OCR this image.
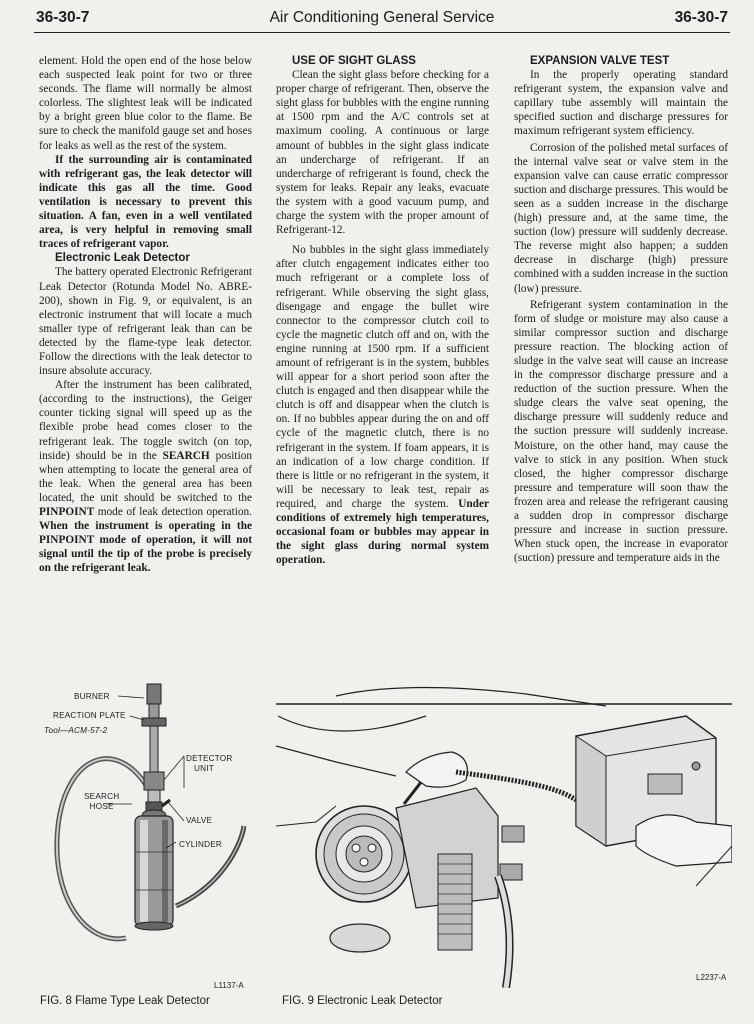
36-30-7	Air Conditioning General Service	36-30-7

element. Hold the open end of the hose below each suspected leak point for two or three seconds. The flame will normally be almost colorless. The slightest leak will be indicated by a bright green blue color to the flame. Be sure to check the manifold gauge set and hoses for leaks as well as the rest of the system.

If the surrounding air is contaminated with refrigerant gas, the leak detector will indicate this gas all the time. Good ventilation is necessary to prevent this situation. A fan, even in a well ventilated area, is very helpful in removing small traces of refrigerant vapor.

Electronic Leak Detector

The battery operated Electronic Refrigerant Leak Detector (Rotunda Model No. ABRE-200), shown in Fig. 9, or equivalent, is an electronic instrument that will locate a much smaller type of refrigerant leak than can be detected by the flame-type leak detector. Follow the directions with the leak detector to insure absolute accuracy.

After the instrument has been calibrated, (according to the instructions), the Geiger counter ticking signal will speed up as the flexible probe head comes closer to the refrigerant leak. The toggle switch (on top, inside) should be in the SEARCH position when attempting to locate the general area of the leak. When the general area has been located, the unit should be switched to the PINPOINT mode of leak detection operation. When the instrument is operating in the PINPOINT mode of operation, it will not signal until the tip of the probe is precisely on the refrigerant leak.

USE OF SIGHT GLASS

Clean the sight glass before checking for a proper charge of refrigerant. Then, observe the sight glass for bubbles with the engine running at 1500 rpm and the A/C controls set at maximum cooling. A continuous or large amount of bubbles in the sight glass indicate an undercharge of refrigerant. If an undercharge of refrigerant is found, check the system for leaks. Repair any leaks, evacuate the system with a good vacuum pump, and charge the system with the proper amount of Refrigerant-12.

No bubbles in the sight glass immediately after clutch engagement indicates either too much refrigerant or a complete loss of refrigerant. While observing the sight glass, disengage and engage the bullet wire connector to the compressor clutch coil to cycle the magnetic clutch off and on, with the engine running at 1500 rpm. If a sufficient amount of refrigerant is in the system, bubbles will appear for a short period soon after the clutch is engaged and then disappear while the clutch is off and disappear when the clutch is on. If no bubbles appear during the on and off cycle of the magnetic clutch, there is no refrigerant in the system. If foam appears, it is an indication of a low charge condition. If there is little or no refrigerant in the system, it will be necessary to leak test, repair as required, and charge the system. Under conditions of extremely high temperatures, occasional foam or bubbles may appear in the sight glass during normal system operation.

EXPANSION VALVE TEST

In the properly operating standard refrigerant system, the expansion valve and capillary tube assembly will maintain the specified suction and discharge pressures for maximum refrigerant system efficiency.

Corrosion of the polished metal surfaces of the internal valve seat or valve stem in the expansion valve can cause erratic compressor suction and discharge pressures. This would be seen as a sudden increase in the discharge (high) pressure and, at the same time, the suction (low) pressure will suddenly decrease. The reverse might also happen; a sudden decrease in discharge (high) pressure combined with a sudden increase in the suction (low) pressure.

Refrigerant system contamination in the form of sludge or moisture may also cause a similar compressor suction and discharge pressure reaction. The blocking action of sludge in the valve seat will cause an increase in the compressor discharge pressure and a reduction of the suction pressure. When the sludge clears the valve seat opening, the discharge pressure will suddenly reduce and the suction pressure will suddenly increase. Moisture, on the other hand, may cause the valve to stick in any position. When stuck closed, the higher compressor discharge pressure and temperature will soon thaw the frozen area and release the refrigerant causing a sudden drop in compressor discharge pressure and increase in suction pressure. When stuck open, the increase in evaporator (suction) pressure and temperature aids in the

BURNER
REACTION PLATE
Tool—ACM-57-2
DETECTOR
UNIT
SEARCH
HOSE
VALVE
CYLINDER
L1137-A
FIG. 8 Flame Type Leak Detector
L2237-A
FIG. 9 Electronic Leak Detector
